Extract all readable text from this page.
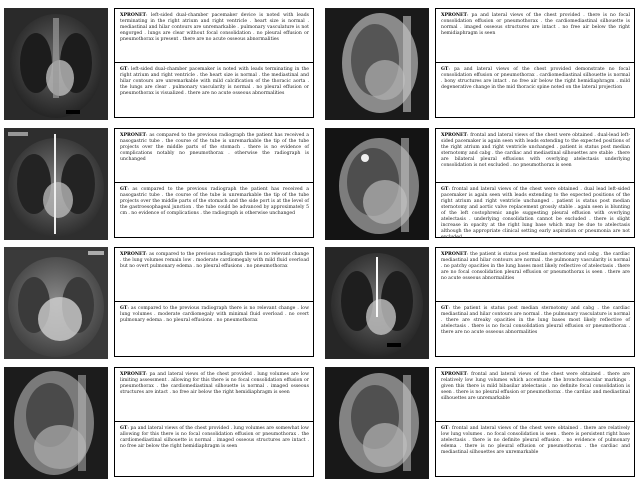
XPRONET: left-sided dual-chamber pacemaker device is noted with leads terminating in the right atrium and right ventricle . heart size is normal . mediastinal and hilar contours are unremarkable . pulmonary vasculature is not engorged . lungs are clear without focal consolidation . no pleural effusion or pneumothorax is present . there are no acute osseous abnormalities
GT: left-sided dual-chamber pacemaker is noted with leads terminating in the right atrium and right ventricle . the heart size is normal . the mediastinal and hilar contours are unremarkable with mild calcification of the thoracic aorta . the lungs are clear . pulmonary vascularity is normal . no pleural effusion or pneumothorax is visualized . there are no acute osseous abnormalities
XPRONET: pa and lateral views of the chest provided . there is no focal consolidation effusion or pneumothorax . the cardiomediastinal silhouette is normal . imaged osseous structures are intact . no free air below the right hemidiaphragm is seen
GT: pa and lateral views of the chest provided demonstrate no focal consolidation effusion or pneumothorax . cardiomediastinal silhouette is normal . bony structures are intact . no free air below the right hemidiaphragm . mild degenerative change in the mid thoracic spine noted on the lateral projection
XPRONET: as compared to the previous radiograph the patient has received a nasogastric tube . the course of the tube is unremarkable the tip of the tube projects over the middle parts of the stomach . there is no evidence of complications notably no pneumothorax . otherwise the radiograph is unchanged
GT: as compared to the previous radiograph the patient has received a nasogastric tube . the course of the tube is unremarkable the tip of the tube projects over the middle parts of the stomach and the side port is at the level of the gastroesophageal junction . the tube could be advanced by approximately 5 cm . no evidence of complications . the radiograph is otherwise unchanged
XPRONET: frontal and lateral views of the chest were obtained . dual-lead left-sided pacemaker is again seen with leads extending to the expected positions of the right atrium and right ventricle unchanged . patient is status post median sternotomy and cabg . the cardiac and mediastinal silhouettes are stable . there are bilateral pleural effusions with overlying atelectasis underlying consolidation is not excluded . no pneumothorax is seen
GT: frontal and lateral views of the chest were obtained . dual lead left-sided pacemaker is again seen with leads extending to the expected positions of the right atrium and right ventricle unchanged . patient is status post median sternotomy and aortic valve replacement grossly stable . again seen is blunting of the left costophrenic angle suggesting pleural effusion with overlying atelectasis . underlying consolidation cannot be excluded . there is slight increase in opacity at the right lung base which may be due to atelectasis although the appropriate clinical setting early aspiration or pneumonia are not excluded
XPRONET: as compared to the previous radiograph there is no relevant change . the lung volumes remain low . moderate cardiomegaly with mild fluid overload but no overt pulmonary edema . no pleural effusions . no pneumothorax
GT: as compared to the previous radiograph there is no relevant change . low lung volumes . moderate cardiomegaly with minimal fluid overload . no overt pulmonary edema . no pleural effusions . no pneumothorax
XPRONET: the patient is status post median sternotomy and cabg . the cardiac mediastinal and hilar contours are normal . the pulmonary vascularity is normal . no patchy opacities in the lung bases most likely reflective of atelectasis . there are no focal consolidation pleural effusion or pneumothorax is seen . there are no acute osseous abnormalities
GT: the patient is status post median sternotomy and cabg . the cardiac mediastinal and hilar contours are normal . the pulmonary vasculature is normal . there are streaky opacities in the lung bases most likely reflective of atelectasis . there is no focal consolidation pleural effusion or pneumothorax . there are no acute osseous abnormalities
XPRONET: pa and lateral views of the chest provided . lung volumes are low limiting assessment . allowing for this there is no focal consolidation effusion or pneumothorax . the cardiomediastinal silhouette is normal . imaged osseous structures are intact . no free air below the right hemidiaphragm is seen
GT: pa and lateral views of the chest provided . lung volumes are somewhat low allowing for this there is no focal consolidation effusion or pneumothorax . the cardiomediastinal silhouette is normal . imaged osseous structures are intact . no free air below the right hemidiaphragm is seen
XPRONET: frontal and lateral views of the chest were obtained . there are relatively low lung volumes which accentuate the bronchovascular markings . given this there is mild bibasilar atelectasis . no definite focal consolidation is seen . there is no pleural effusion or pneumothorax . the cardiac and mediastinal silhouettes are unremarkable
GT: frontal and lateral views of the chest were obtained . there are relatively low lung volumes . no focal consolidation is seen . there is persistent right base atelectasis . there is no definite pleural effusion . no evidence of pulmonary edema . there is no pleural effusion or pneumothorax . the cardiac and mediastinal silhouettes are unremarkable
